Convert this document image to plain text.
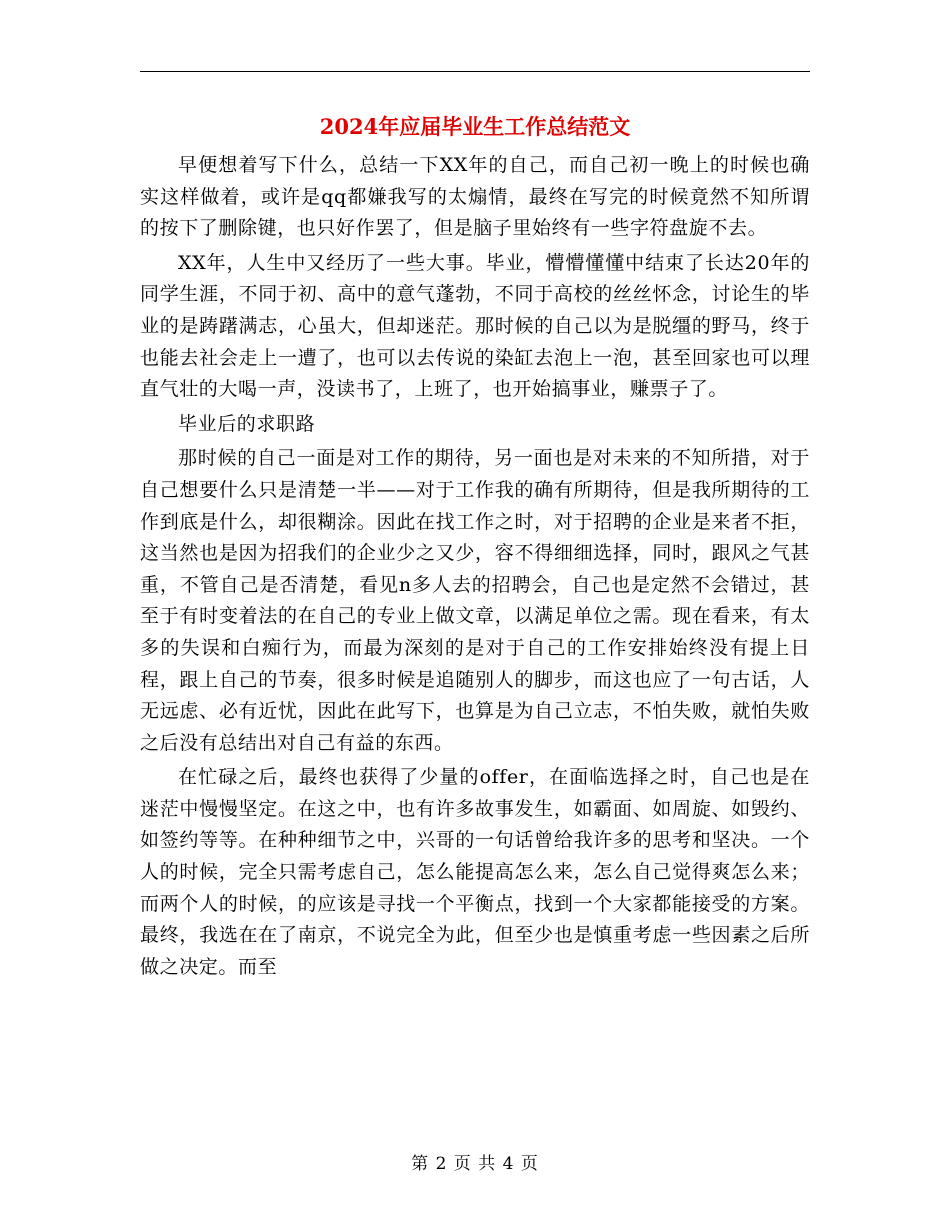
2024年应届毕业生工作总结范文

早便想着写下什么，总结一下XX年的自己，而自己初一晚上的时候也确实这样做着，或许是qq都嫌我写的太煽情，最终在写完的时候竟然不知所谓的按下了删除键，也只好作罢了，但是脑子里始终有一些字符盘旋不去。

XX年，人生中又经历了一些大事。毕业，懵懵懂懂中结束了长达20年的同学生涯，不同于初、高中的意气蓬勃，不同于高校的丝丝怀念，讨论生的毕业的是踌躇满志，心虽大，但却迷茫。那时候的自己以为是脱缰的野马，终于也能去社会走上一遭了，也可以去传说的染缸去泡上一泡，甚至回家也可以理直气壮的大喝一声，没读书了，上班了，也开始搞事业，赚票子了。

毕业后的求职路

那时候的自己一面是对工作的期待，另一面也是对未来的不知所措，对于自己想要什么只是清楚一半——对于工作我的确有所期待，但是我所期待的工作到底是什么，却很糊涂。因此在找工作之时，对于招聘的企业是来者不拒，这当然也是因为招我们的企业少之又少，容不得细细选择，同时，跟风之气甚重，不管自己是否清楚，看见n多人去的招聘会，自己也是定然不会错过，甚至于有时变着法的在自己的专业上做文章，以满足单位之需。现在看来，有太多的失误和白痴行为，而最为深刻的是对于自己的工作安排始终没有提上日程，跟上自己的节奏，很多时候是追随别人的脚步，而这也应了一句古话，人无远虑、必有近忧，因此在此写下，也算是为自己立志，不怕失败，就怕失败之后没有总结出对自己有益的东西。

在忙碌之后，最终也获得了少量的offer，在面临选择之时，自己也是在迷茫中慢慢坚定。在这之中，也有许多故事发生，如霸面、如周旋、如毁约、如签约等等。在种种细节之中，兴哥的一句话曾给我许多的思考和坚决。一个人的时候，完全只需考虑自己，怎么能提高怎么来，怎么自己觉得爽怎么来；而两个人的时候，的应该是寻找一个平衡点，找到一个大家都能接受的方案。最终，我选在在了南京，不说完全为此，但至少也是慎重考虑一些因素之后所做之决定。而至

第 2 页 共 4 页
